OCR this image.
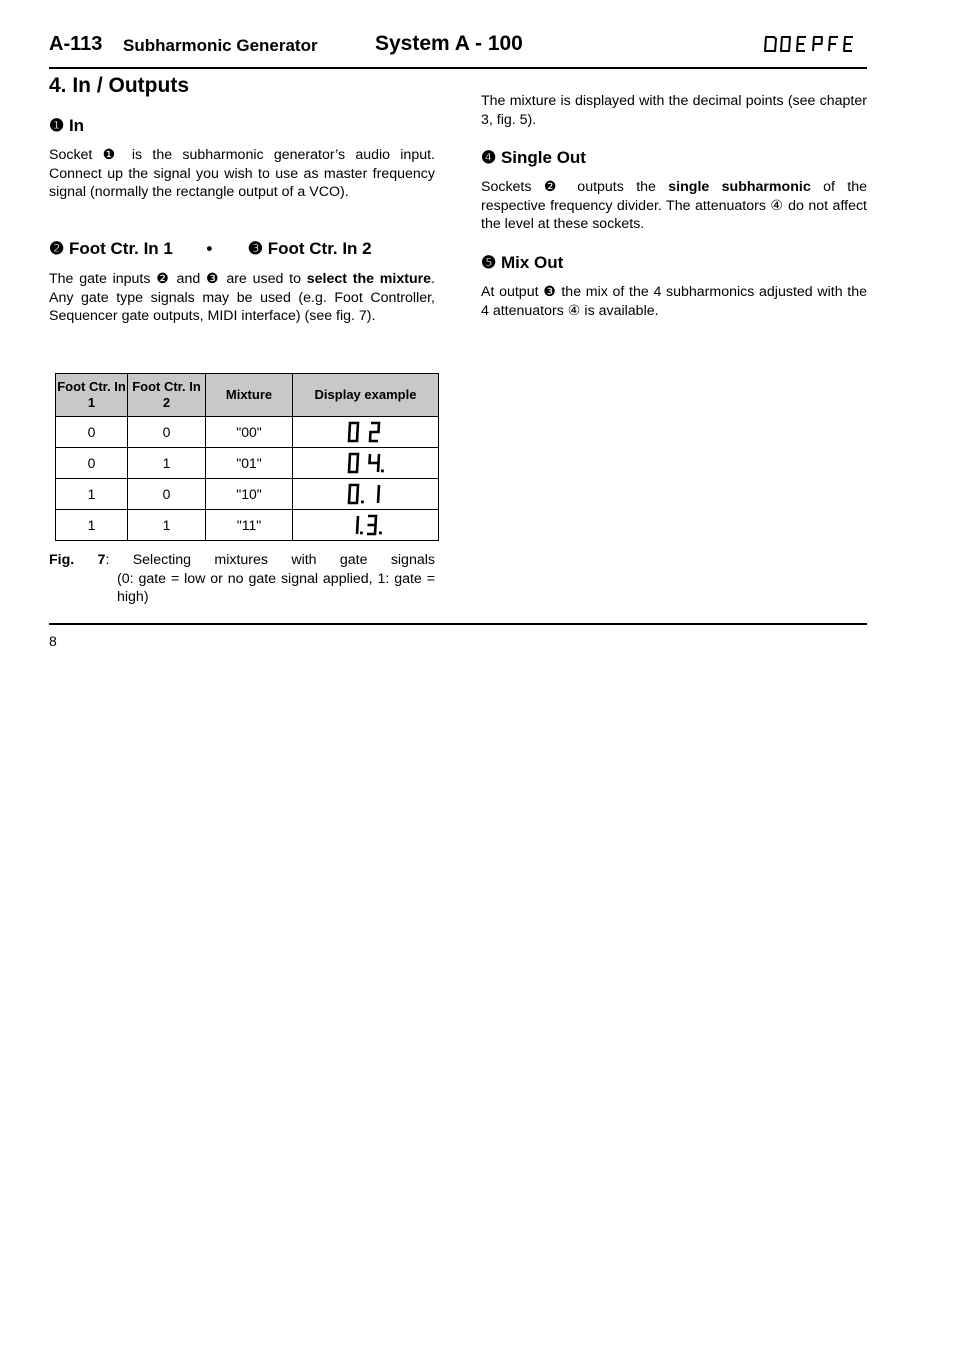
A-113 Subharmonic Generator	System A - 100
4. In / Outputs
❶ In
Socket ❶ is the subharmonic generator’s audio input. Connect up the signal you wish to use as master frequency signal (normally the rectangle output of a VCO).
❷ Foot Ctr. In 1 • ❸ Foot Ctr. In 2
The gate inputs ❷ and ❸ are used to select the mixture. Any gate type signals may be used (e.g. Foot Controller, Sequencer gate outputs, MIDI interface) (see fig. 7).
Foot Ctr. In 1	Foot Ctr. In 2	Mixture	Display example
0	0	"00"	

0	1	"01"	

1	0	"10"	

1	1	"11"	
Fig. 7: Selecting mixtures with gate signals
(0: gate = low or no gate signal applied, 1: gate = high)
The mixture is displayed with the decimal points (see chapter 3, fig. 5).
❹ Single Out
Sockets ❷ outputs the single subharmonic of the respective frequency divider. The attenuators ④ do not affect the level at these sockets.
❺ Mix Out
At output ❸ the mix of the 4 subharmonics adjusted with the 4 attenuators ④ is available.
8
